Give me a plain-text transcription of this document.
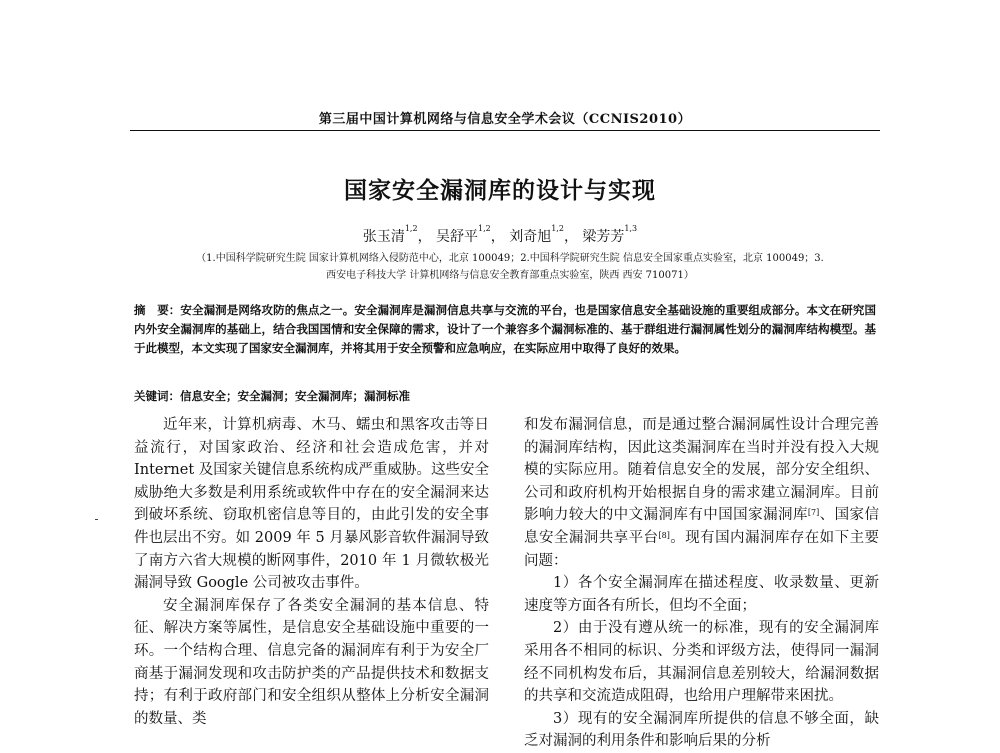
第三届中国计算机网络与信息安全学术会议（CCNIS2010）
国家安全漏洞库的设计与实现
张玉清$^{1,2}$， 吴舒平$^{1,2}$， 刘奇旭$^{1,2}$， 梁芳芳$^{1,3}$
（1.中国科学院研究生院 国家计算机网络入侵防范中心，北京 100049；2.中国科学院研究生院 信息安全国家重点实验室，北京 100049；3.
西安电子科技大学 计算机网络与信息安全教育部重点实验室，陕西 西安 710071）
摘　要：安全漏洞是网络攻防的焦点之一。安全漏洞库是漏洞信息共享与交流的平台，也是国家信息安全基础设施的重要组成部分。本文在研究国内外安全漏洞库的基础上，结合我国国情和安全保障的需求，设计了一个兼容多个漏洞标准的、基于群组进行漏洞属性划分的漏洞库结构模型。基于此模型，本文实现了国家安全漏洞库，并将其用于安全预警和应急响应，在实际应用中取得了良好的效果。
关键词：信息安全；安全漏洞；安全漏洞库；漏洞标准

近年来，计算机病毒、木马、蠕虫和黑客攻击等日益流行，对国家政治、经济和社会造成危害，并对 Internet 及国家关键信息系统构成严重威胁。这些安全威胁绝大多数是利用系统或软件中存在的安全漏洞来达到破坏系统、窃取机密信息等目的，由此引发的安全事件也层出不穷。如 2009 年 5 月暴风影音软件漏洞导致了南方六省大规模的断网事件，2010 年 1 月微软极光漏洞导致 Google 公司被攻击事件。

安全漏洞库保存了各类安全漏洞的基本信息、特征、解决方案等属性，是信息安全基础设施中重要的一环。一个结构合理、信息完备的漏洞库有利于为安全厂商基于漏洞发现和攻击防护类的产品提供技术和数据支持；有利于政府部门和安全组织从整体上分析安全漏洞的数量、类

和发布漏洞信息，而是通过整合漏洞属性设计合理完善的漏洞库结构，因此这类漏洞库在当时并没有投入大规模的实际应用。随着信息安全的发展，部分安全组织、公司和政府机构开始根据自身的需求建立漏洞库。目前影响力较大的中文漏洞库有中国国家漏洞库[7]、国家信息安全漏洞共享平台[8]。现有国内漏洞库存在如下主要问题：

1）各个安全漏洞库在描述程度、收录数量、更新速度等方面各有所长，但均不全面；

2）由于没有遵从统一的标准，现有的安全漏洞库采用各不相同的标识、分类和评级方法，使得同一漏洞经不同机构发布后，其漏洞信息差别较大，给漏洞数据的共享和交流造成阻碍，也给用户理解带来困扰。

3）现有的安全漏洞库所提供的信息不够全面，缺乏对漏洞的利用条件和影响后果的分析
